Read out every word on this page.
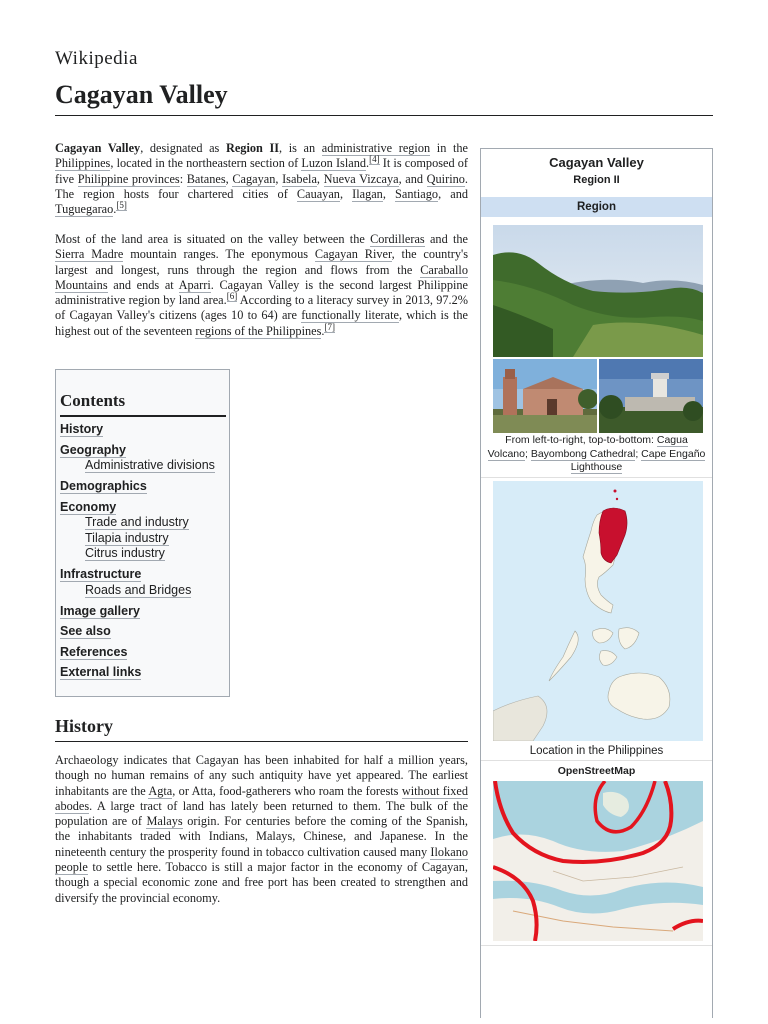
Wikipedia
Cagayan Valley
Cagayan Valley, designated as Region II, is an administrative region in the Philippines, located in the northeastern section of Luzon Island.[4] It is composed of five Philippine provinces: Batanes, Cagayan, Isabela, Nueva Vizcaya, and Quirino. The region hosts four chartered cities of Cauayan, Ilagan, Santiago, and Tuguegarao.[5]
Most of the land area is situated on the valley between the Cordilleras and the Sierra Madre mountain ranges. The eponymous Cagayan River, the country's largest and longest, runs through the region and flows from the Caraballo Mountains and ends at Aparri. Cagayan Valley is the second largest Philippine administrative region by land area.[6] According to a literacy survey in 2013, 97.2% of Cagayan Valley's citizens (ages 10 to 64) are functionally literate, which is the highest out of the seventeen regions of the Philippines.[7]
Contents
History
Geography
Administrative divisions
Demographics
Economy
Trade and industry
Tilapia industry
Citrus industry
Infrastructure
Roads and Bridges
Image gallery
See also
References
External links
History
Archaeology indicates that Cagayan has been inhabited for half a million years, though no human remains of any such antiquity have yet appeared. The earliest inhabitants are the Agta, or Atta, food-gatherers who roam the forests without fixed abodes. A large tract of land has lately been returned to them. The bulk of the population are of Malays origin. For centuries before the coming of the Spanish, the inhabitants traded with Indians, Malays, Chinese, and Japanese. In the nineteenth century the prosperity found in tobacco cultivation caused many Ilokano people to settle here. Tobacco is still a major factor in the economy of Cagayan, though a special economic zone and free port has been created to strengthen and diversify the provincial economy.
Cagayan Valley
Region II
Region
From left-to-right, top-to-bottom: Cagua Volcano; Bayombong Cathedral; Cape Engaño Lighthouse
Location in the Philippines
OpenStreetMap
